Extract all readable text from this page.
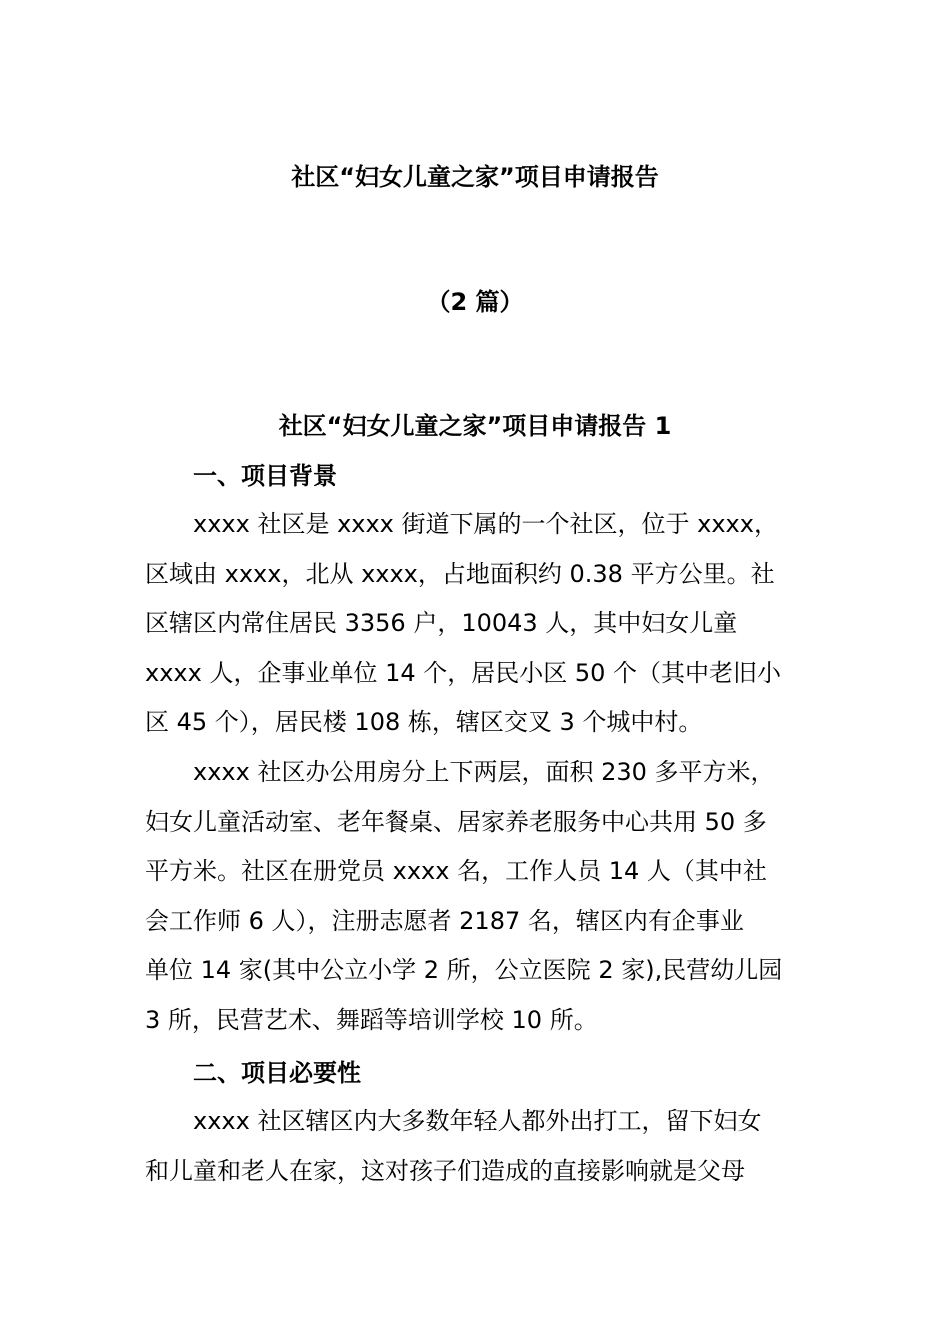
社区“妇女儿童之家”项目申请报告
（2 篇）
社区“妇女儿童之家”项目申请报告 1
一、项目背景
xxxx 社区是 xxxx 街道下属的一个社区，位于 xxxx，
区域由 xxxx，北从 xxxx，占地面积约 0.38 平方公里。社
区辖区内常住居民 3356 户，10043 人，其中妇女儿童
xxxx 人，企事业单位 14 个，居民小区 50 个（其中老旧小
区 45 个），居民楼 108 栋，辖区交叉 3 个城中村。
xxxx 社区办公用房分上下两层，面积 230 多平方米，
妇女儿童活动室、老年餐桌、居家养老服务中心共用 50 多
平方米。社区在册党员 xxxx 名，工作人员 14 人（其中社
会工作师 6 人），注册志愿者 2187 名，辖区内有企事业
单位 14 家(其中公立小学 2 所，公立医院 2 家),民营幼儿园
3 所，民营艺术、舞蹈等培训学校 10 所。
二、项目必要性
xxxx 社区辖区内大多数年轻人都外出打工，留下妇女
和儿童和老人在家，这对孩子们造成的直接影响就是父母
